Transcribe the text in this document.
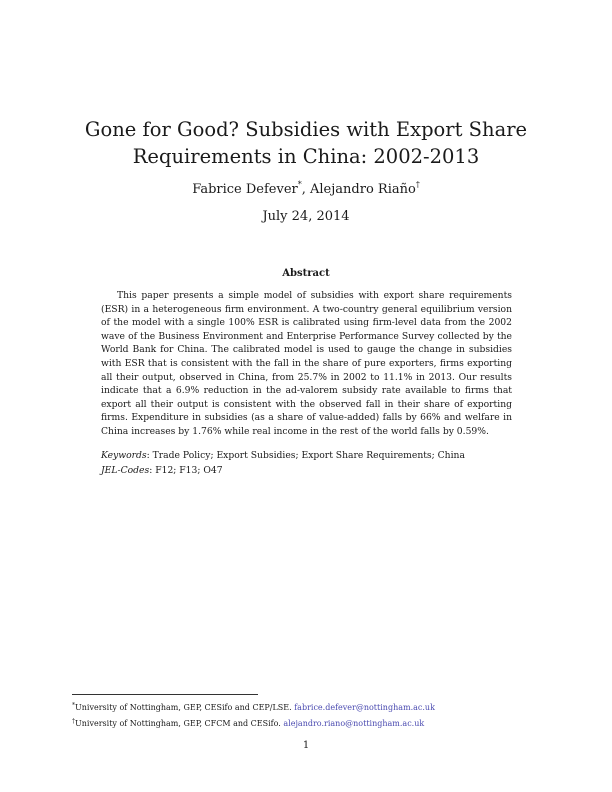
Gone for Good? Subsidies with Export Share
Requirements in China: 2002-2013
Fabrice Defever*, Alejandro Riaño†
July 24, 2014
Abstract
This paper presents a simple model of subsidies with export share requirements
(ESR) in a heterogeneous firm environment. A two-country general equilibrium version
of the model with a single 100% ESR is calibrated using firm-level data from the 2002
wave of the Business Environment and Enterprise Performance Survey collected by the
World Bank for China. The calibrated model is used to gauge the change in subsidies
with ESR that is consistent with the fall in the share of pure exporters, firms exporting
all their output, observed in China, from 25.7% in 2002 to 11.1% in 2013. Our results
indicate that a 6.9% reduction in the ad-valorem subsidy rate available to firms that
export all their output is consistent with the observed fall in their share of exporting
firms. Expenditure in subsidies (as a share of value-added) falls by 66% and welfare in
China increases by 1.76% while real income in the rest of the world falls by 0.59%.
Keywords: Trade Policy; Export Subsidies; Export Share Requirements; China
JEL-Codes: F12; F13; O47
*University of Nottingham, GEP, CESifo and CEP/LSE. fabrice.defever@nottingham.ac.uk
†University of Nottingham, GEP, CFCM and CESifo. alejandro.riano@nottingham.ac.uk
1
